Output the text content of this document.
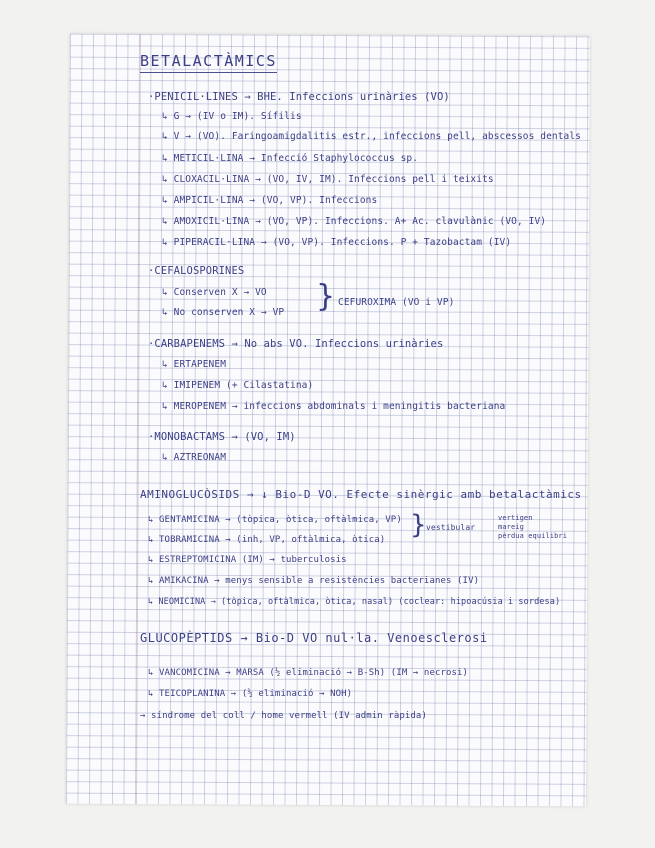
BETALACTÀMICS
·PENICIL·LINES → BHE. Infeccions urinàries (VO)
↳ G → (IV o IM). Sífilis
↳ V → (VO). Faringoamigdalitis estr., infeccions pell, abscessos dentals
↳ METICIL·LINA → Infecció Staphylococcus sp.
↳ CLOXACIL·LINA → (VO, IV, IM). Infeccions pell i teixits
↳ AMPICIL·LINA → (VO, VP). Infeccions
↳ AMOXICIL·LINA → (VO, VP). Infeccions. A+ Ac. clavulànic (VO, IV)
↳ PIPERACIL·LINA → (VO, VP). Infeccions. P + Tazobactam (IV)
·CEFALOSPORINES
↳ Conserven X → VO
↳ No conserven X → VP } CEFUROXIMA (VO i VP)
·CARBAPENEMS → No abs VO. Infeccions urinàries
↳ ERTAPENEM
↳ IMIPENEM (+ Cilastatina)
↳ MEROPENEM → infeccions abdominals i meningitis bacteriana
·MONOBACTAMS → (VO, IM)
↳ AZTREONAM
AMINOGLUCÒSIDS → ↓ Bio-D VO. Efecte sinèrgic amb betalactàmics
↳ GENTAMICINA → (tòpica, òtica, oftàlmica, VP)
↳ TOBRAMICINA → (inh, VP, oftàlmica, òtica) } vestibular
vertigen
mareig
pèrdua equilibri
↳ ESTREPTOMICINA (IM) → tuberculosis
↳ AMIKACINA → menys sensible a resistències bacterianes (IV)
↳ NEOMICINA → (tòpica, oftàlmica, òtica, nasal) (coclear: hipoacúsia i sordesa)
GLUCOPÈPTIDS → Bio-D VO nul·la. Venoesclerosi
↳ VANCOMICINA → MARSA (½ eliminació → B-Sh) (IM → necrosi)
↳ TEICOPLANINA → (½ eliminació → NOH)
→ síndrome del coll / home vermell (IV admin ràpida)
